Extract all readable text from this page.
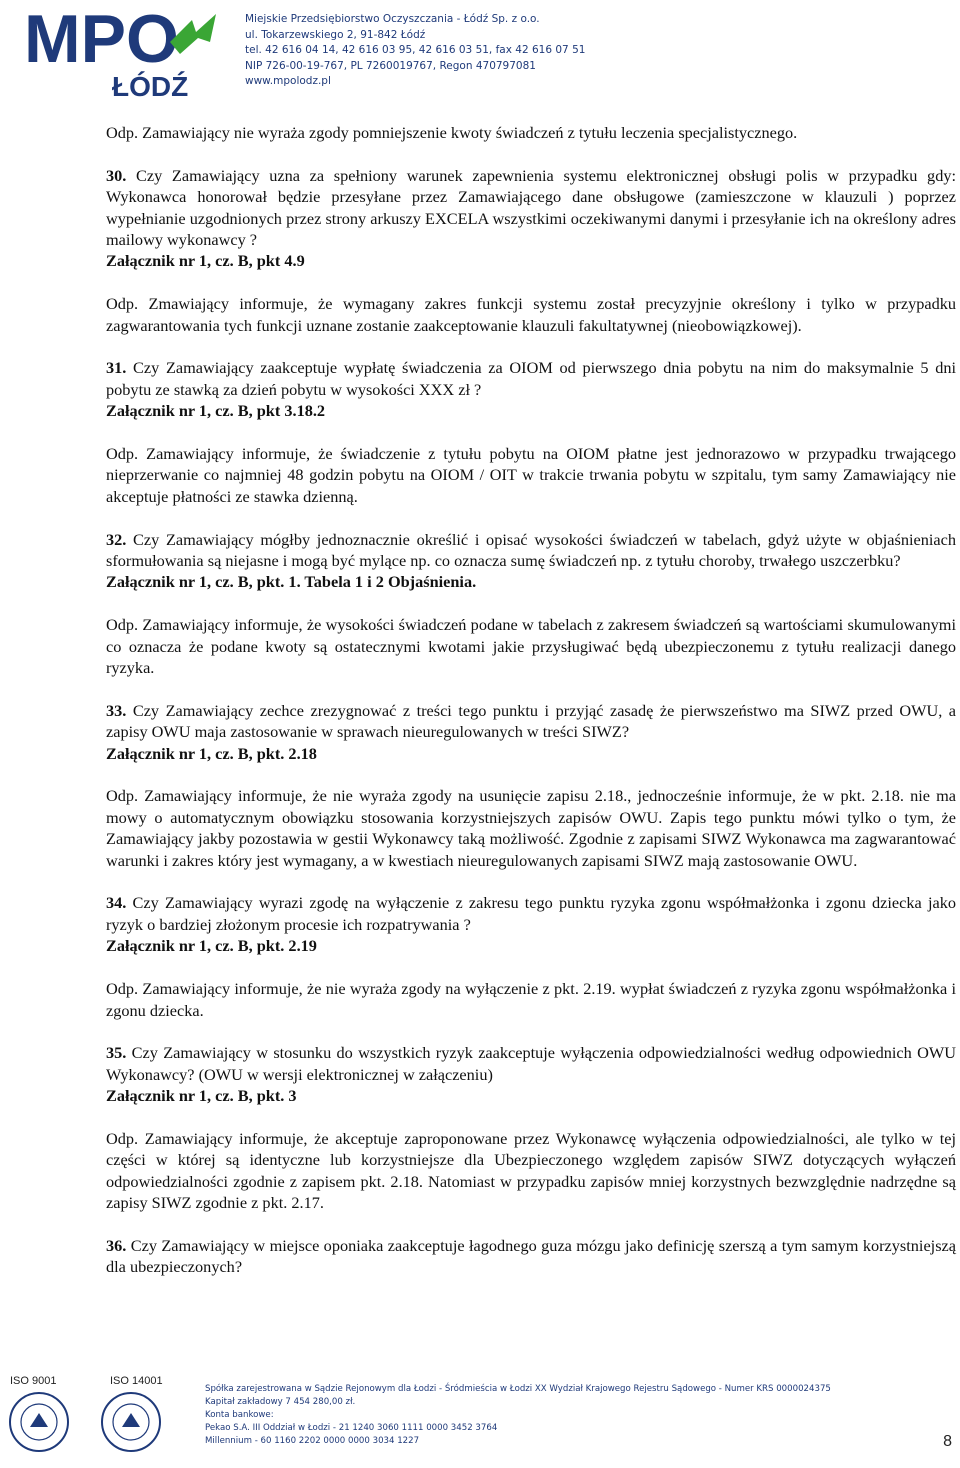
MPO
ŁÓDŹ
Miejskie Przedsiębiorstwo Oczyszczania - Łódź Sp. z o.o.
ul. Tokarzewskiego 2, 91-842 Łódź
tel. 42 616 04 14, 42 616 03 95, 42 616 03 51, fax 42 616 07 51
NIP 726-00-19-767, PL 7260019767, Regon 470797081
www.mpolodz.pl

Odp. Zamawiający nie wyraża zgody pomniejszenie kwoty świadczeń z tytułu leczenia specjalistycznego.

30. Czy Zamawiający uzna za spełniony warunek zapewnienia systemu elektronicznej obsługi polis w przypadku gdy: Wykonawca honorował będzie przesyłane przez Zamawiającego dane obsługowe (zamieszczone w klauzuli ) poprzez wypełnianie uzgodnionych przez strony arkuszy EXCELA wszystkimi oczekiwanymi danymi i przesyłanie ich na określony adres mailowy wykonawcy ?

Załącznik nr 1, cz. B, pkt 4.9

Odp. Zmawiający informuje, że wymagany zakres funkcji systemu został precyzyjnie określony i tylko w przypadku zagwarantowania tych funkcji uznane zostanie zaakceptowanie klauzuli fakultatywnej (nieobowiązkowej).

31. Czy Zamawiający zaakceptuje wypłatę świadczenia za OIOM od pierwszego dnia pobytu na nim do maksymalnie 5 dni pobytu ze stawką za dzień pobytu w wysokości XXX zł ?

Załącznik nr 1, cz. B, pkt 3.18.2

Odp. Zamawiający informuje, że świadczenie z tytułu pobytu na OIOM płatne jest jednorazowo w przypadku trwającego nieprzerwanie co najmniej 48 godzin pobytu na OIOM / OIT w trakcie trwania pobytu w szpitalu, tym samy Zamawiający nie akceptuje płatności ze stawka dzienną.

32. Czy Zamawiający mógłby jednoznacznie określić i opisać wysokości świadczeń w tabelach, gdyż użyte w objaśnieniach sformułowania są niejasne i mogą być mylące np. co oznacza sumę świadczeń np. z tytułu choroby, trwałego uszczerbku?

Załącznik nr 1, cz. B, pkt. 1. Tabela 1 i 2 Objaśnienia.

Odp. Zamawiający informuje, że wysokości świadczeń podane w tabelach z zakresem świadczeń są wartościami skumulowanymi co oznacza że podane kwoty są ostatecznymi kwotami jakie przysługiwać będą ubezpieczonemu z tytułu realizacji danego ryzyka.

33. Czy Zamawiający zechce zrezygnować z treści tego punktu i przyjąć zasadę że pierwszeństwo ma SIWZ przed OWU, a zapisy OWU maja zastosowanie w sprawach nieuregulowanych w treści SIWZ?

Załącznik nr 1, cz. B, pkt. 2.18

Odp. Zamawiający informuje, że nie wyraża zgody na usunięcie zapisu 2.18., jednocześnie informuje, że w pkt. 2.18. nie ma mowy o automatycznym obowiązku stosowania korzystniejszych zapisów OWU. Zapis tego punktu mówi tylko o tym, że Zamawiający jakby pozostawia w gestii Wykonawcy taką możliwość. Zgodnie z zapisami SIWZ Wykonawca ma zagwarantować warunki i zakres który jest wymagany, a w kwestiach nieuregulowanych zapisami SIWZ mają zastosowanie OWU.

34. Czy Zamawiający wyrazi zgodę na wyłączenie z zakresu tego punktu ryzyka zgonu współmałżonka i zgonu dziecka jako ryzyk o bardziej złożonym procesie ich rozpatrywania ?

Załącznik nr 1, cz. B, pkt. 2.19

Odp. Zamawiający informuje, że nie wyraża zgody na wyłączenie z pkt. 2.19. wypłat świadczeń z ryzyka zgonu współmałżonka i zgonu dziecka.

35. Czy Zamawiający w stosunku do wszystkich ryzyk zaakceptuje wyłączenia odpowiedzialności według odpowiednich OWU Wykonawcy? (OWU w wersji elektronicznej w załączeniu)

Załącznik nr 1, cz. B, pkt. 3

Odp. Zamawiający informuje, że akceptuje zaproponowane przez Wykonawcę wyłączenia odpowiedzialności, ale tylko w tej części w której są identyczne lub korzystniejsze dla Ubezpieczonego względem zapisów SIWZ dotyczących wyłączeń odpowiedzialności zgodnie z zapisem pkt. 2.18. Natomiast w przypadku zapisów mniej korzystnych bezwzględnie nadrzędne są zapisy SIWZ zgodnie z pkt. 2.17.

36. Czy Zamawiający w miejsce oponiaka zaakceptuje łagodnego guza mózgu jako definicję szerszą a tym samym korzystniejszą dla ubezpieczonych?

ISO 9001	ISO 14001
Spółka zarejestrowana w Sądzie Rejonowym dla Łodzi - Śródmieścia w Łodzi XX Wydział Krajowego Rejestru Sądowego - Numer KRS 0000024375
Kapitał zakładowy 7 454 280,00 zł.
Konta bankowe:
Pekao S.A. III Oddział w Łodzi - 21 1240 3060 1111 0000 3452 3764
Millennium - 60 1160 2202 0000 0000 3034 1227	8
